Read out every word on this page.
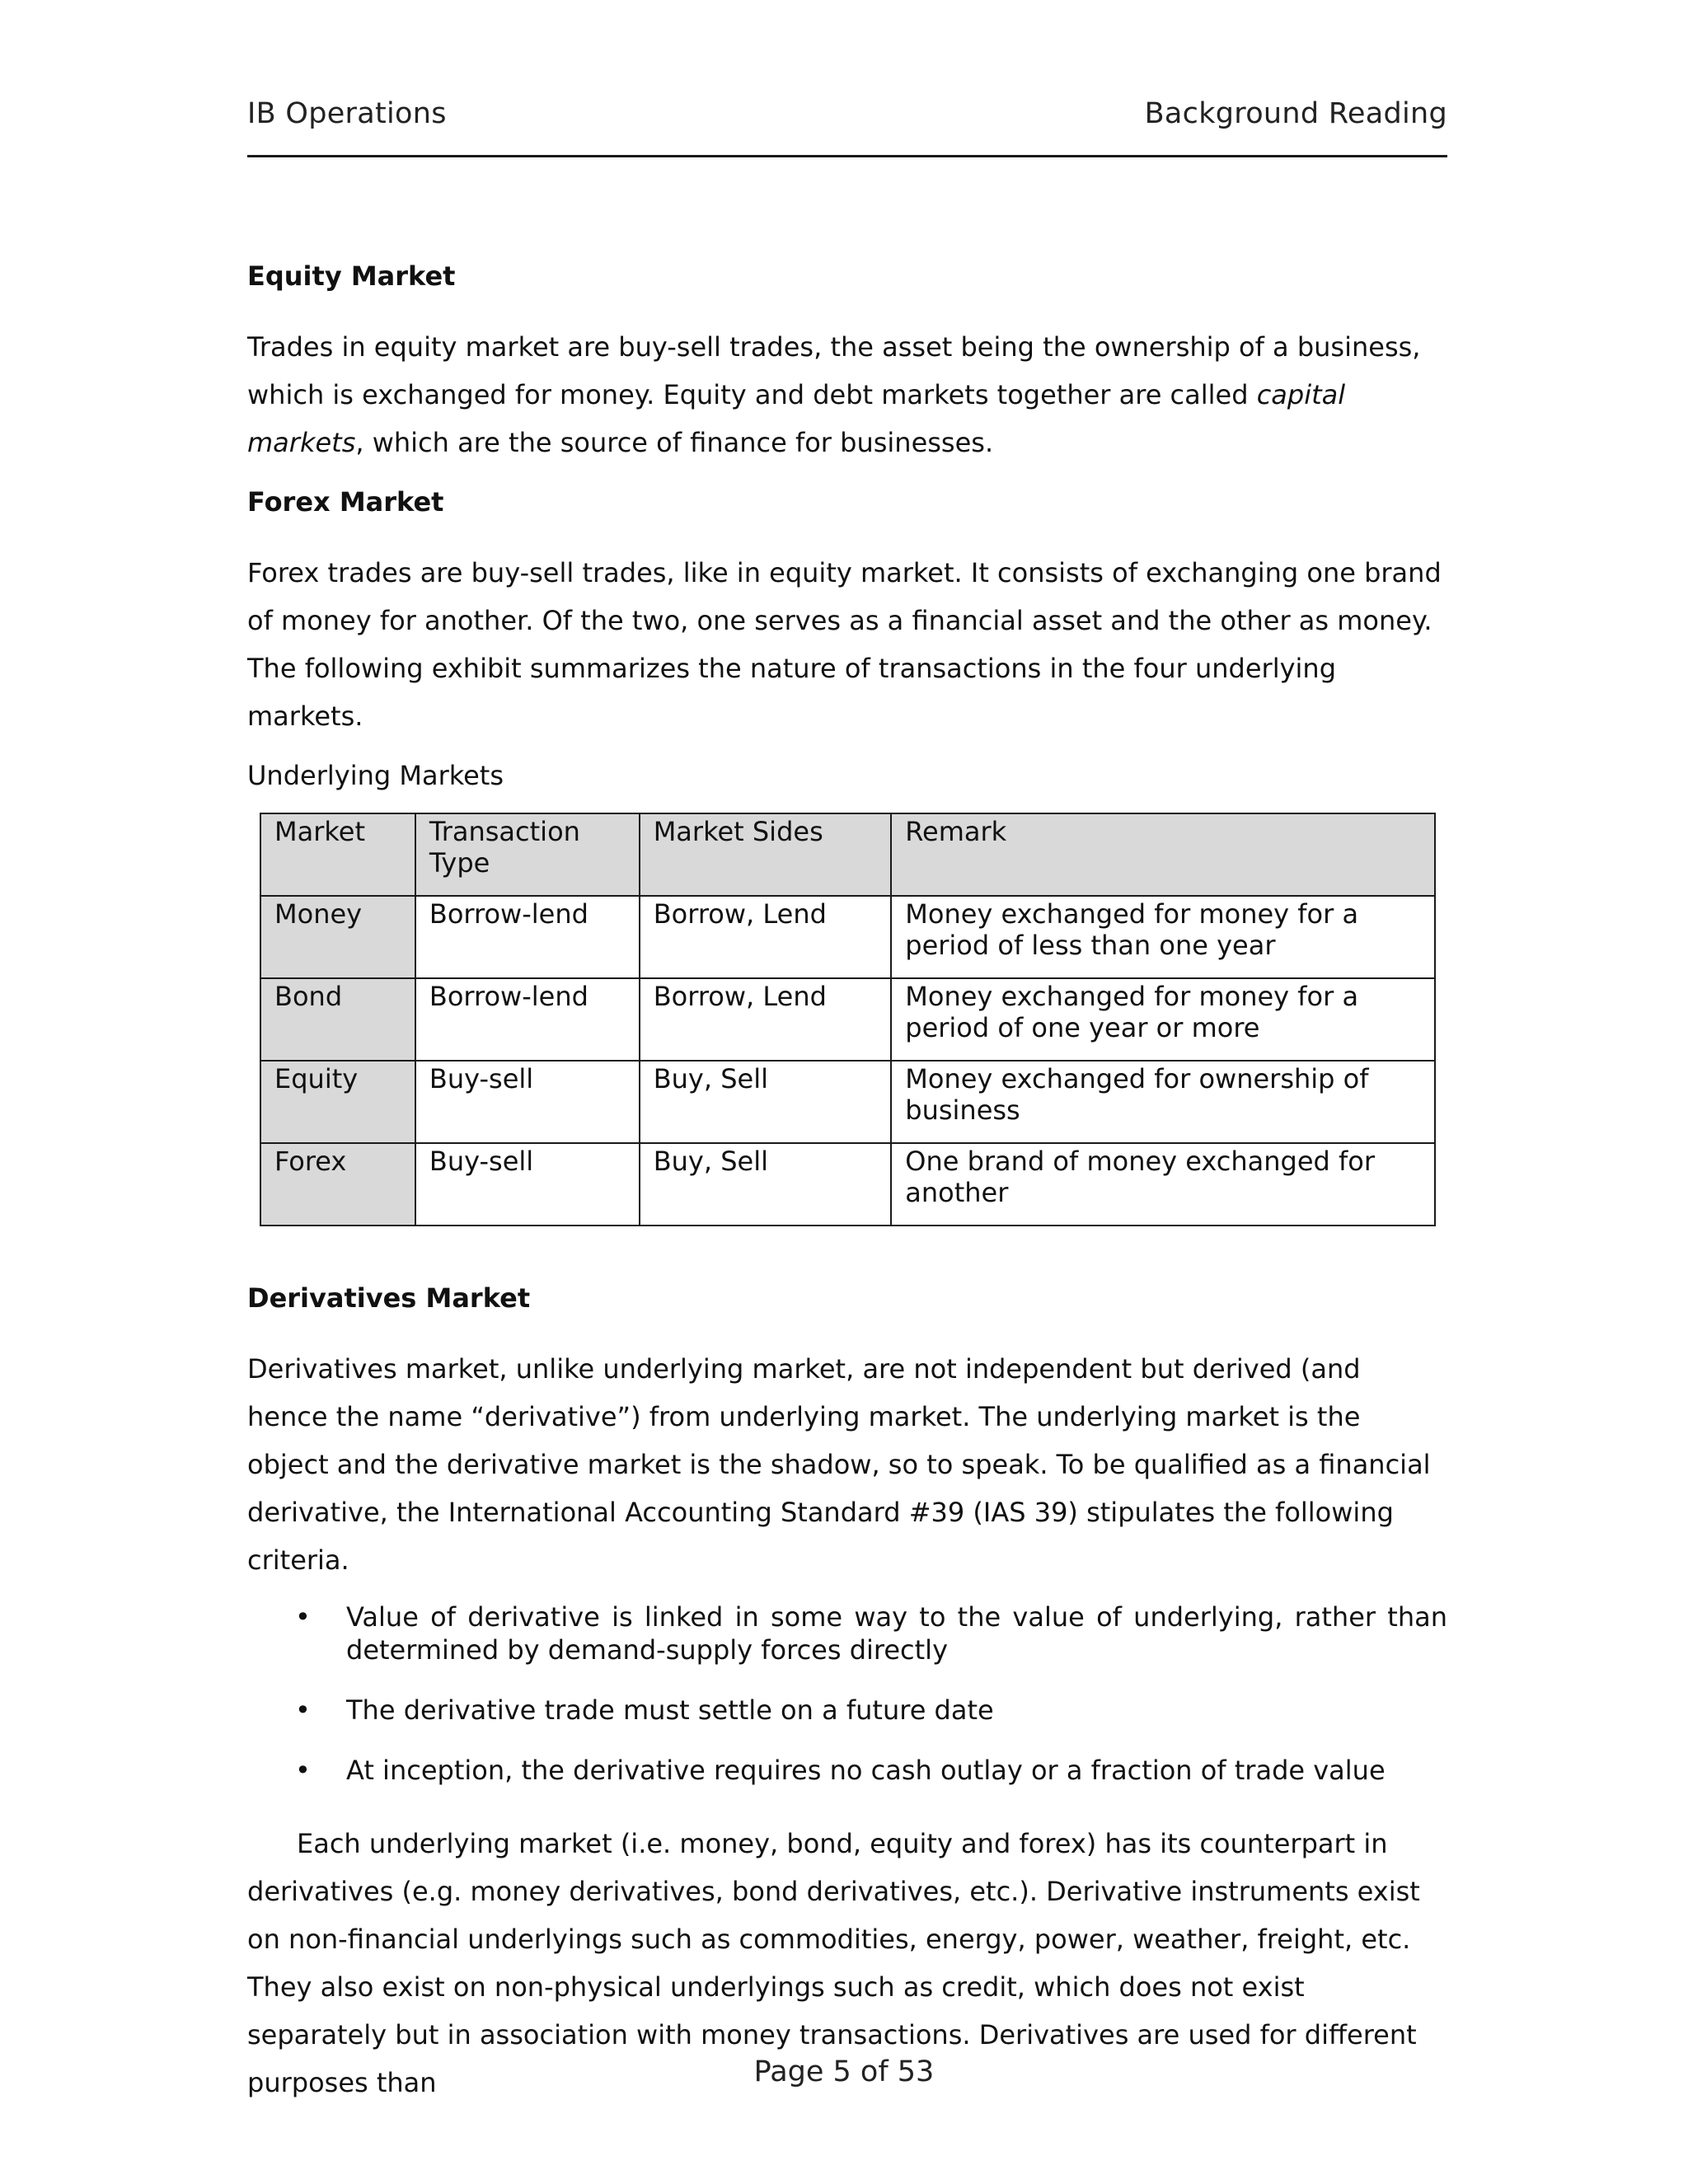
IB Operations	Background Reading
Equity Market

Trades in equity market are buy-sell trades, the asset being the ownership of a business, which is exchanged for money. Equity and debt markets together are called capital markets, which are the source of finance for businesses.

Forex Market

Forex trades are buy-sell trades, like in equity market. It consists of exchanging one brand of money for another. Of the two, one serves as a financial asset and the other as money. The following exhibit summarizes the nature of transactions in the four underlying markets.

Underlying Markets

Market	Transaction Type	Market Sides	Remark
Money	Borrow-lend	Borrow, Lend	Money exchanged for money for a period of less than one year
Bond	Borrow-lend	Borrow, Lend	Money exchanged for money for a period of one year or more
Equity	Buy-sell	Buy, Sell	Money exchanged for ownership of business
Forex	Buy-sell	Buy, Sell	One brand of money exchanged for another
Derivatives Market

Derivatives market, unlike underlying market, are not independent but derived (and hence the name “derivative”) from underlying market. The underlying market is the object and the derivative market is the shadow, so to speak. To be qualified as a financial derivative, the International Accounting Standard #39 (IAS 39) stipulates the following criteria.

• Value of derivative is linked in some way to the value of underlying, rather than determined by demand-supply forces directly
• The derivative trade must settle on a future date
• At inception, the derivative requires no cash outlay or a fraction of trade value

Each underlying market (i.e. money, bond, equity and forex) has its counterpart in derivatives (e.g. money derivatives, bond derivatives, etc.). Derivative instruments exist on non-financial underlyings such as commodities, energy, power, weather, freight, etc. They also exist on non-physical underlyings such as credit, which does not exist separately but in association with money transactions. Derivatives are used for different purposes than	Page 5 of 53
